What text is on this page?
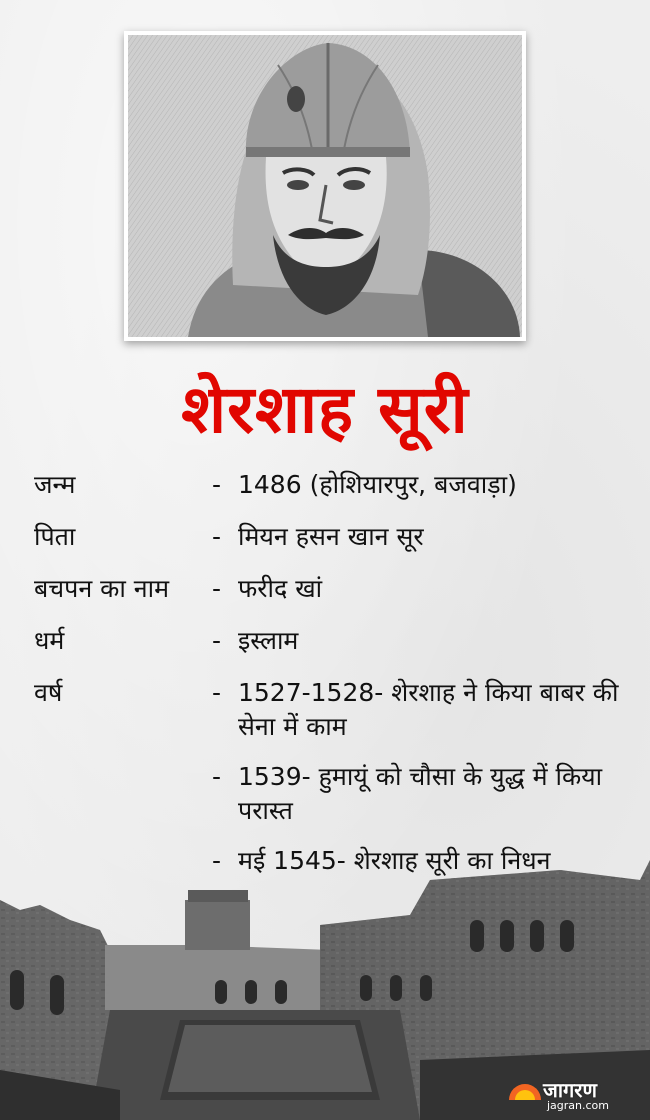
शेरशाह सूरी
जन्म	- 1486 (होशियारपुर, बजवाड़ा)
पिता	- मियन हसन खान सूर
बचपन का नाम	- फरीद खां
धर्म	- इस्लाम
वर्ष	- 1527-1528- शेरशाह ने किया बाबर की सेना में काम
- 1539- हुमायूं को चौसा के युद्ध में किया परास्त
- मई 1545- शेरशाह सूरी का निधन
जागरण
jagran.com
